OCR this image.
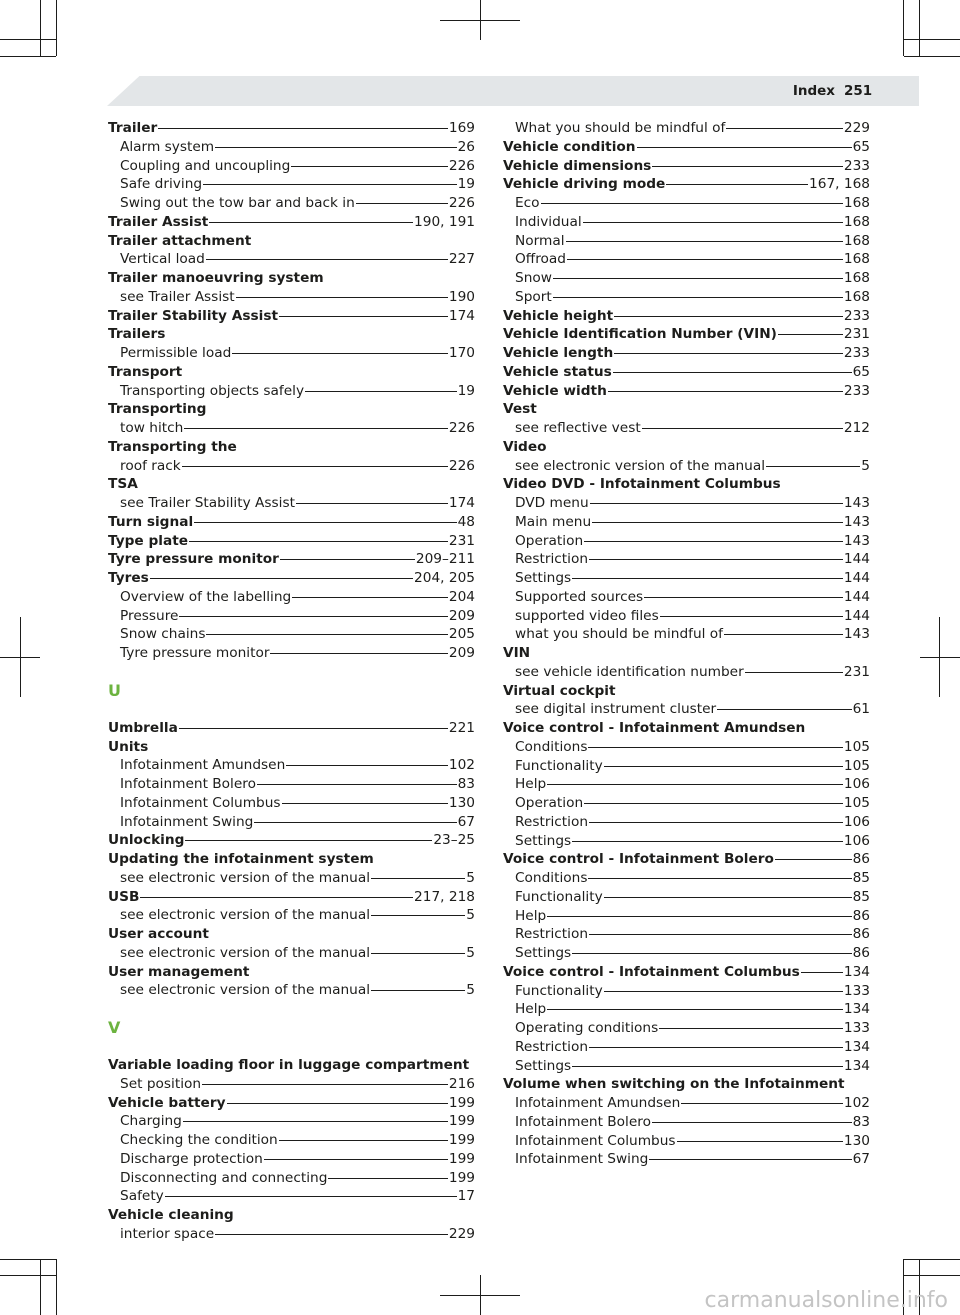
Index 251
Trailer	169
Alarm system	26
Coupling and uncoupling	226
Safe driving	19
Swing out the tow bar and back in	226
Trailer Assist	190, 191
Trailer attachment
Vertical load	227
Trailer manoeuvring system
see Trailer Assist	190
Trailer Stability Assist	174
Trailers
Permissible load	170
Transport
Transporting objects safely	19
Transporting
tow hitch	226
Transporting the
roof rack	226
TSA
see Trailer Stability Assist	174
Turn signal	48
Type plate	231
Tyre pressure monitor	209–211
Tyres	204, 205
Overview of the labelling	204
Pressure	209
Snow chains	205
Tyre pressure monitor	209
U
Umbrella	221
Units
Infotainment Amundsen	102
Infotainment Bolero	83
Infotainment Columbus	130
Infotainment Swing	67
Unlocking	23–25
Updating the infotainment system
see electronic version of the manual	5
USB	217, 218
see electronic version of the manual	5
User account
see electronic version of the manual	5
User management
see electronic version of the manual	5
V
Variable loading floor in luggage compartment
Set position	216
Vehicle battery	199
Charging	199
Checking the condition	199
Discharge protection	199
Disconnecting and connecting	199
Safety	17
Vehicle cleaning
interior space	229
What you should be mindful of	229
Vehicle condition	65
Vehicle dimensions	233
Vehicle driving mode	167, 168
Eco	168
Individual	168
Normal	168
Offroad	168
Snow	168
Sport	168
Vehicle height	233
Vehicle Identification Number (VIN)	231
Vehicle length	233
Vehicle status	65
Vehicle width	233
Vest
see reflective vest	212
Video
see electronic version of the manual	5
Video DVD - Infotainment Columbus
DVD menu	143
Main menu	143
Operation	143
Restriction	144
Settings	144
Supported sources	144
supported video files	144
what you should be mindful of	143
VIN
see vehicle identification number	231
Virtual cockpit
see digital instrument cluster	61
Voice control - Infotainment Amundsen
Conditions	105
Functionality	105
Help	106
Operation	105
Restriction	106
Settings	106
Voice control - Infotainment Bolero	86
Conditions	85
Functionality	85
Help	86
Restriction	86
Settings	86
Voice control - Infotainment Columbus	134
Functionality	133
Help	134
Operating conditions	133
Restriction	134
Settings	134
Volume when switching on the Infotainment
Infotainment Amundsen	102
Infotainment Bolero	83
Infotainment Columbus	130
Infotainment Swing	67
carmanualsonline.info
